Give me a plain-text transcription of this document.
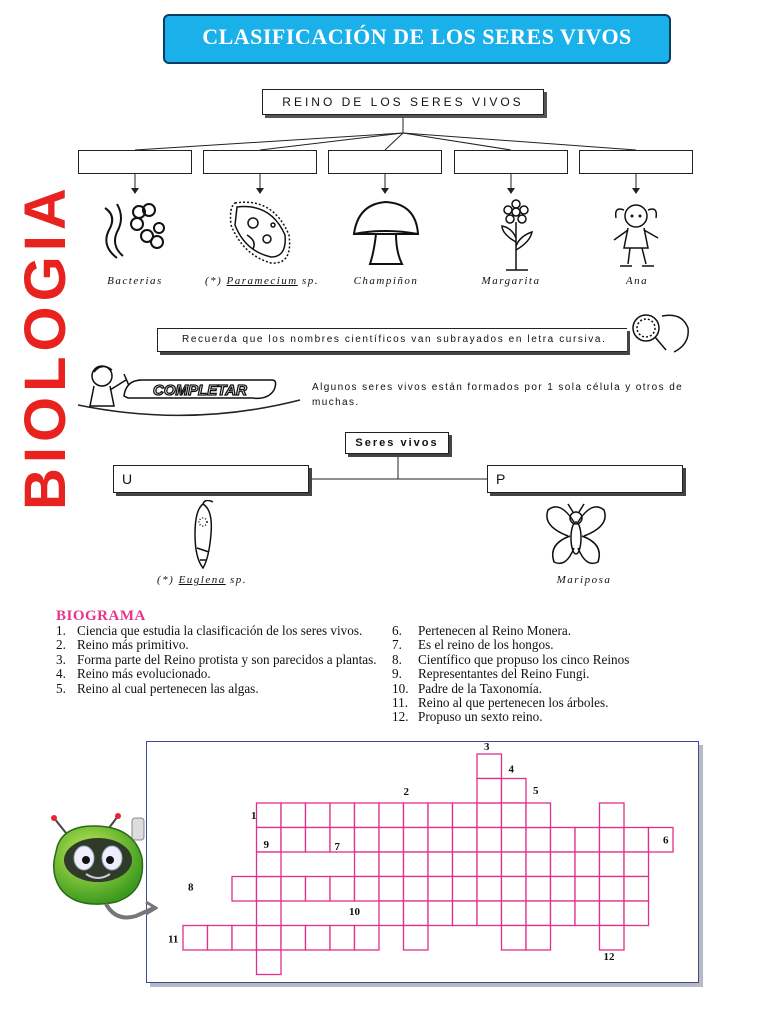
CLASIFICACIÓN DE LOS SERES VIVOS
BIOLOGIA
REINO DE LOS SERES VIVOS
Bacterias	(*) Paramecium sp.	Champiñon	Margarita	Ana
Recuerda que los nombres científicos van subrayados en letra cursiva.
COMPLETAR	Algunos seres vivos están formados por 1 sola célula y otros de muchas.
Seres vivos
U	P
(*) Euglena sp.	Mariposa
BIOGRAMA
1. Ciencia que estudia la clasificación de los seres vivos.
2. Reino más primitivo.
3. Forma parte del Reino protista y son parecidos a plantas.
4. Reino más evolucionado.
5. Reino al cual pertenecen las algas.
6.	Pertenecen al Reino Monera.
7.	Es el reino de los hongos.
8.	Científico que propuso los cinco Reinos
9.	Representantes del Reino Fungi.
10. Padre de la Taxonomía.
11. Reino al que pertenecen los árboles.
12. Propuso un sexto reino.
1
2
3
4
5
6
7
8
9
10
11
12
